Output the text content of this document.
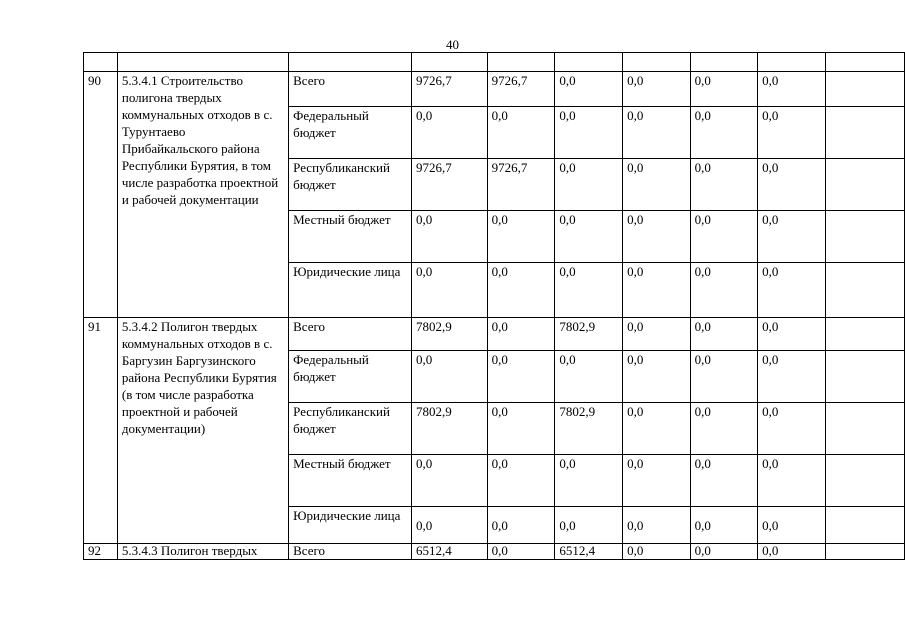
40

90	5.3.4.1 Строительство полигона твердых коммунальных отходов в с. Турунтаево Прибайкальского района Республики Бурятия, в том числе разработка проектной и рабочей документации	Всего	9726,7	9726,7	0,0	0,0	0,0	0,0	
		Федеральный бюджет	0,0	0,0	0,0	0,0	0,0	0,0	
		Республиканский бюджет	9726,7	9726,7	0,0	0,0	0,0	0,0	
		Местный бюджет	0,0	0,0	0,0	0,0	0,0	0,0	
		Юридические лица	0,0	0,0	0,0	0,0	0,0	0,0	
91	5.3.4.2 Полигон твердых коммунальных отходов в с. Баргузин Баргузинского района Республики Бурятия (в том числе разработка проектной и рабочей документации)	Всего	7802,9	0,0	7802,9	0,0	0,0	0,0	
		Федеральный бюджет	0,0	0,0	0,0	0,0	0,0	0,0	
		Республиканский бюджет	7802,9	0,0	7802,9	0,0	0,0	0,0	
		Местный бюджет	0,0	0,0	0,0	0,0	0,0	0,0	
		Юридические лица	0,0	0,0	0,0	0,0	0,0	0,0	
92	5.3.4.3 Полигон твердых	Всего	6512,4	0,0	6512,4	0,0	0,0	0,0	
